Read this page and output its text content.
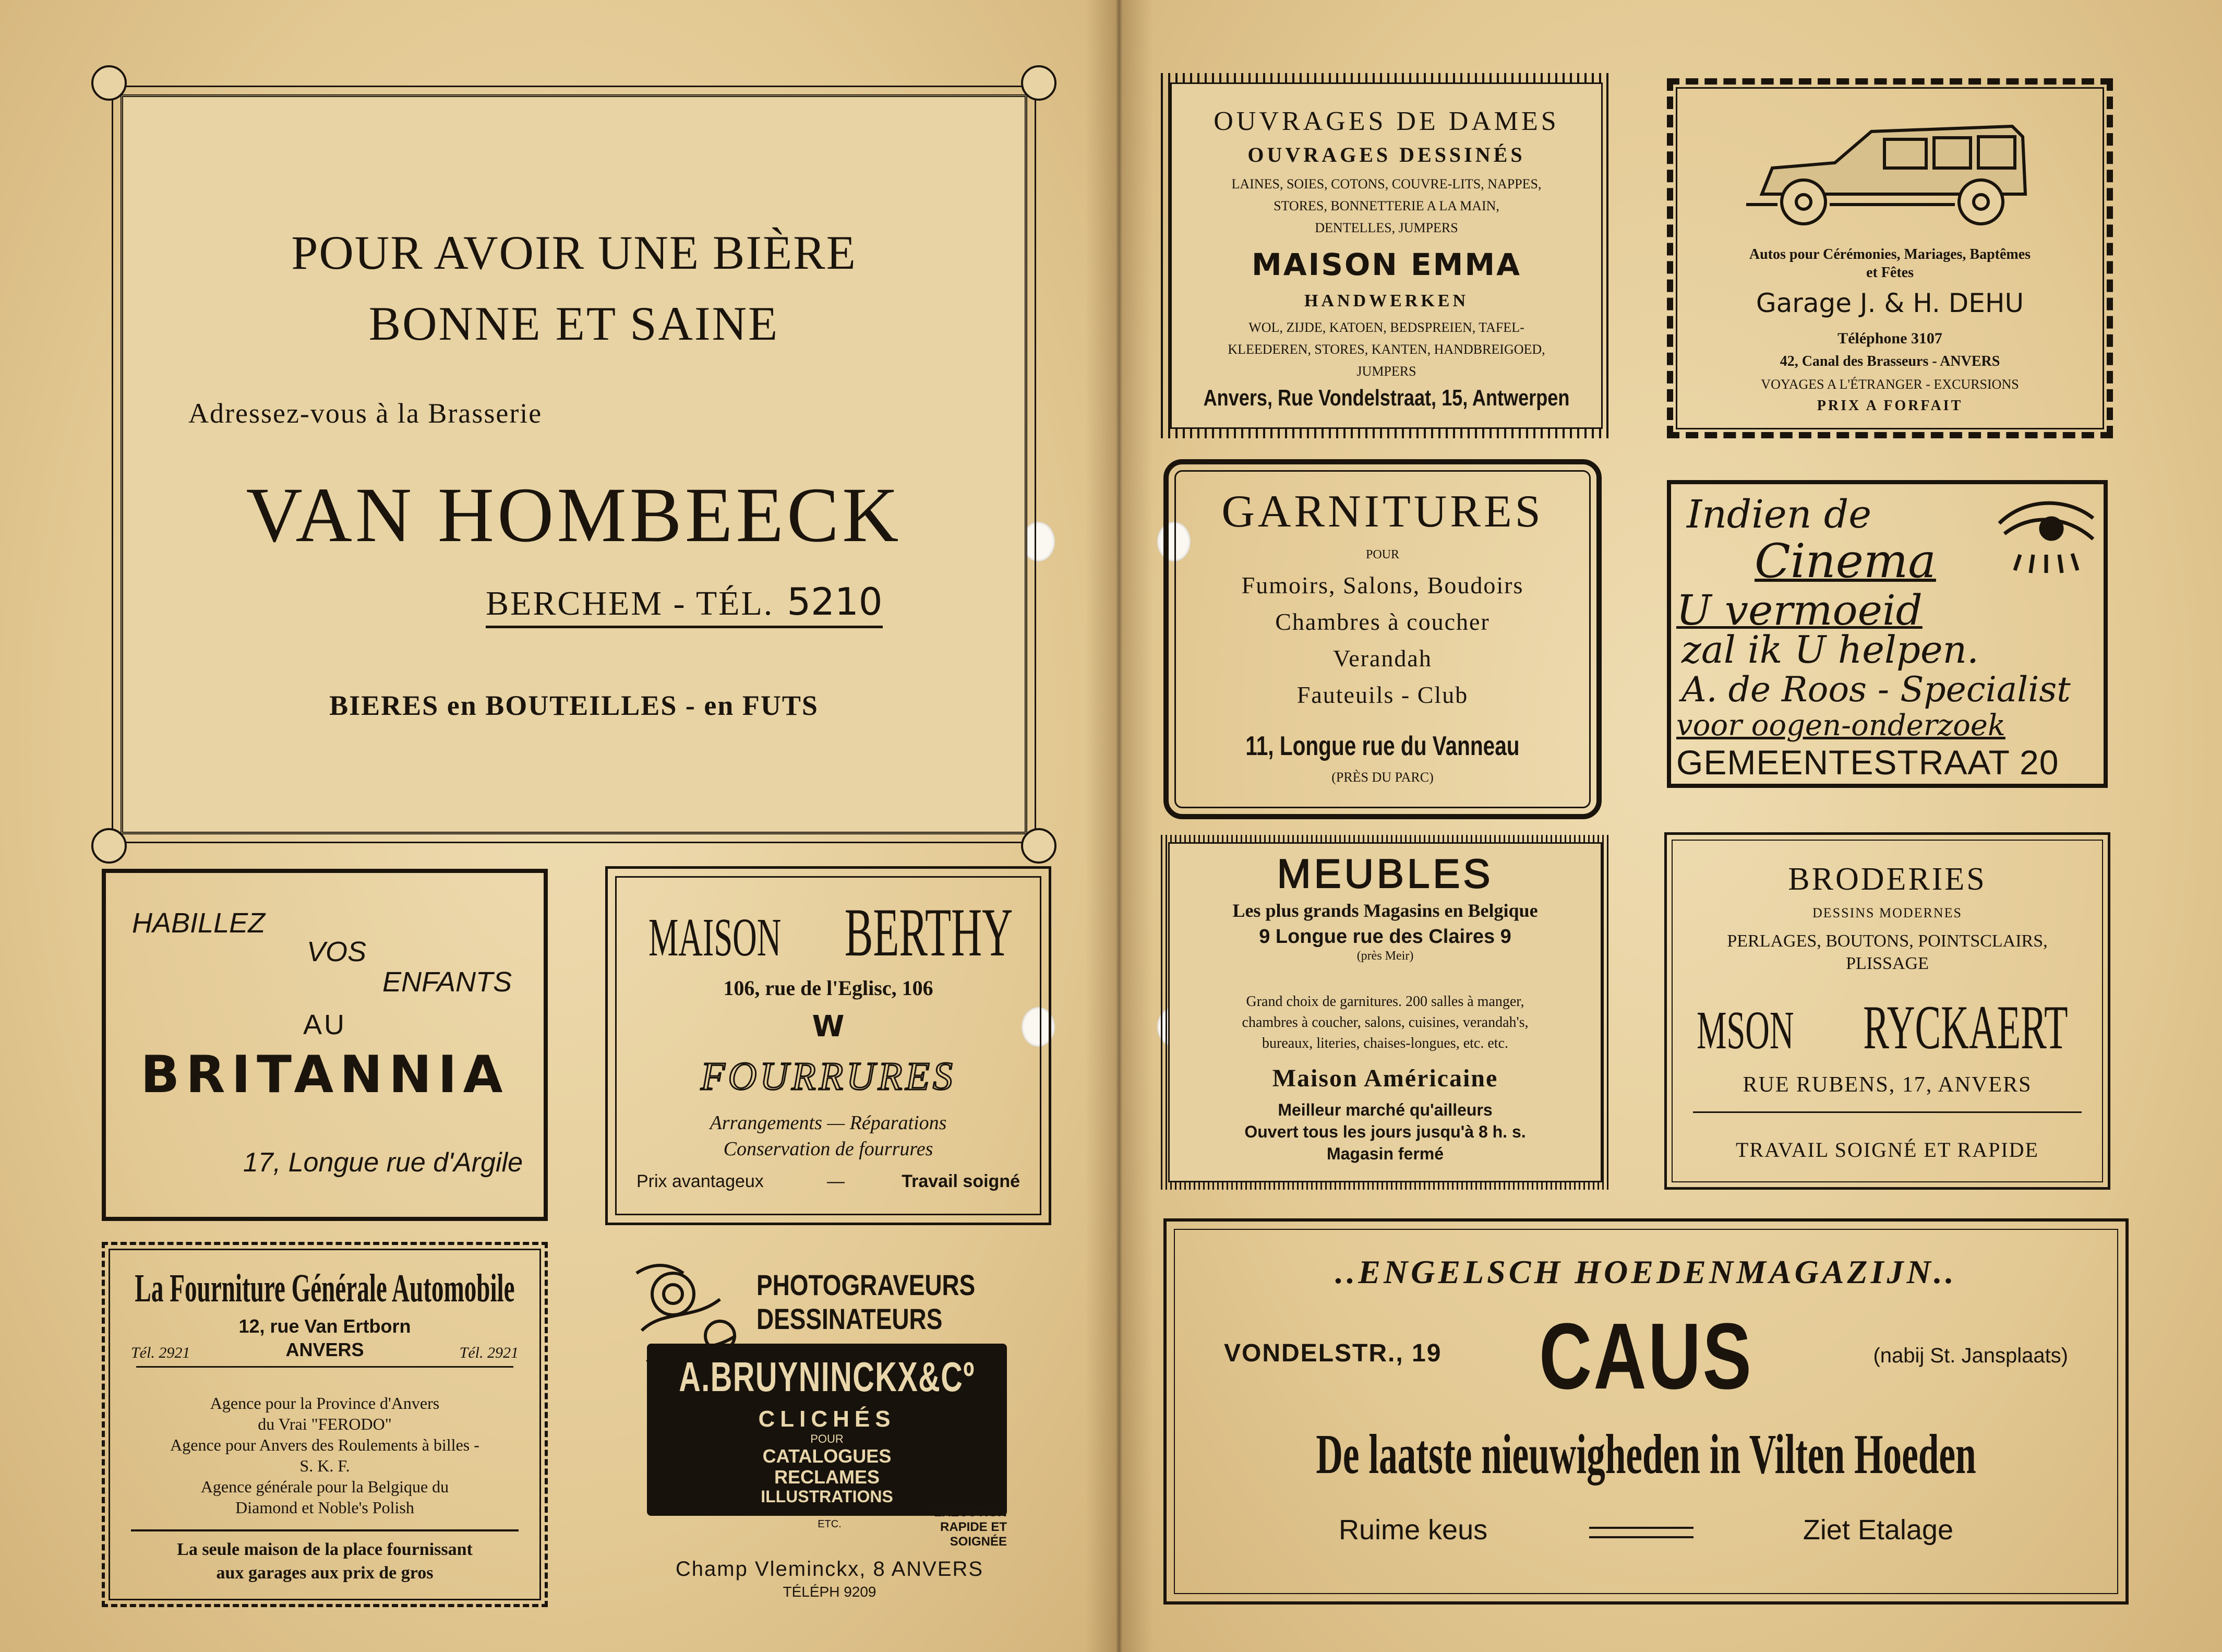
POUR AVOIR UNE BIÈRE
BONNE ET SAINE
Adressez-vous à la Brasserie
VAN HOMBEECK
BERCHEM - TÉL. 5210
BIERES en BOUTEILLES - en FUTS
HABILLEZ
VOS
ENFANTS
AU
BRITANNIA
17, Longue rue d'Argile
MAISON BERTHY
106, rue de l'Eglisc, 106
W
FOURRURES
Arrangements — Réparations
Conservation de fourrures
Prix avantageux	—	Travail soigné
La Fourniture Générale Automobile
12, rue Van Ertborn
Tél. 2921	ANVERS	Tél. 2921
Agence pour la Province d'Anvers
du Vrai "FERODO"
Agence pour Anvers des Roulements à billes -
S. K. F.
Agence générale pour la Belgique du
Diamond et Noble's Polish
La seule maison de la place fournissant
aux garages aux prix de gros
PHOTOGRAVEURS
DESSINATEURS
A.BRUYNINCKX&Cº
CLICHÉS
POUR
CATALOGUES
RECLAMES
ILLUSTRATIONS
ETC.
EXÉCUTION
RAPIDE ET
SOIGNÉE
Champ Vleminckx, 8 ANVERS
TÉLÉPH 9209
OUVRAGES DE DAMES
OUVRAGES DESSINÉS
LAINES, SOIES, COTONS, COUVRE-LITS, NAPPES,
STORES, BONNETTERIE A LA MAIN,
DENTELLES, JUMPERS
MAISON EMMA
HANDWERKEN
WOL, ZIJDE, KATOEN, BEDSPREIEN, TAFEL-
KLEEDEREN, STORES, KANTEN, HANDBREIGOED,
JUMPERS
Anvers, Rue Vondelstraat, 15, Antwerpen
Autos pour Cérémonies, Mariages, Baptêmes
et Fêtes
Garage J. & H. DEHU
Téléphone 3107
42, Canal des Brasseurs - ANVERS
VOYAGES A L'ÉTRANGER - EXCURSIONS
PRIX A FORFAIT
GARNITURES
POUR
Fumoirs, Salons, Boudoirs
Chambres à coucher
Verandah
Fauteuils - Club
11, Longue rue du Vanneau
(PRÈS DU PARC)
Indien de
Cinema
U vermoeid
zal ik U helpen.
A. de Roos - Specialist
voor oogen-onderzoek
GEMEENTESTRAAT 20
MEUBLES
Les plus grands Magasins en Belgique
9 Longue rue des Claires 9
(près Meir)
Grand choix de garnitures. 200 salles à manger,
chambres à coucher, salons, cuisines, verandah's,
bureaux, literies, chaises-longues, etc. etc.
Maison Américaine
Meilleur marché qu'ailleurs
Ouvert tous les jours jusqu'à 8 h. s.
Magasin fermé
BRODERIES
DESSINS MODERNES
PERLAGES, BOUTONS, POINTSCLAIRS,
PLISSAGE
MSON RYCKAERT
RUE RUBENS, 17, ANVERS
TRAVAIL SOIGNÉ ET RAPIDE
..ENGELSCH HOEDENMAGAZIJN..
VONDELSTR., 19	CAUS	(nabij St. Jansplaats)
De laatste nieuwigheden in Vilten Hoeden
Ruime keus	Ziet Etalage
